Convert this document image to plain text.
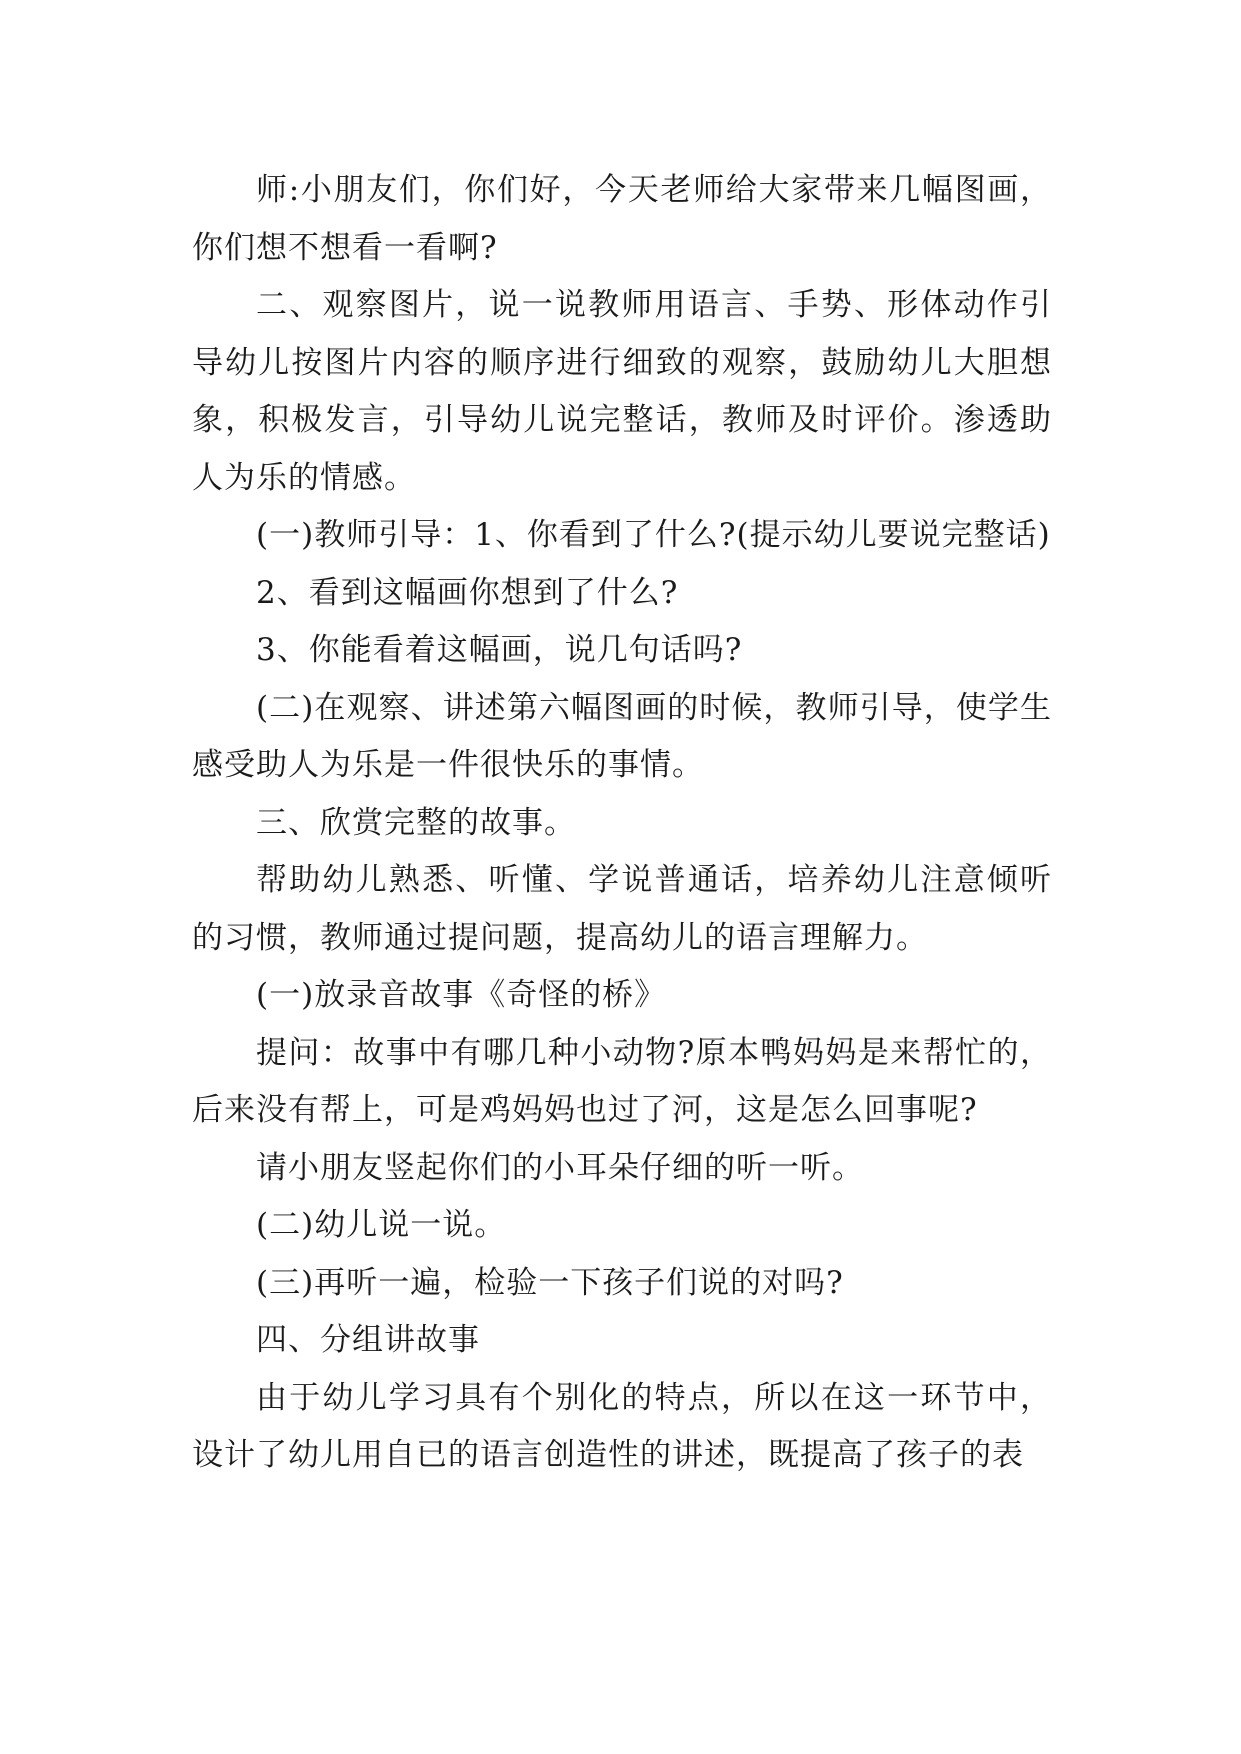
师:小朋友们，你们好，今天老师给大家带来几幅图画，你们想不想看一看啊?

二、观察图片，说一说教师用语言、手势、形体动作引导幼儿按图片内容的顺序进行细致的观察，鼓励幼儿大胆想象，积极发言，引导幼儿说完整话，教师及时评价。渗透助人为乐的情感。

(一)教师引导：1、你看到了什么?(提示幼儿要说完整话)

2、看到这幅画你想到了什么?

3、你能看着这幅画，说几句话吗?

(二)在观察、讲述第六幅图画的时候，教师引导，使学生感受助人为乐是一件很快乐的事情。

三、欣赏完整的故事。

帮助幼儿熟悉、听懂、学说普通话，培养幼儿注意倾听的习惯，教师通过提问题，提高幼儿的语言理解力。

(一)放录音故事《奇怪的桥》

提问：故事中有哪几种小动物?原本鸭妈妈是来帮忙的，后来没有帮上，可是鸡妈妈也过了河，这是怎么回事呢?

请小朋友竖起你们的小耳朵仔细的听一听。

(二)幼儿说一说。

(三)再听一遍，检验一下孩子们说的对吗?

四、分组讲故事

由于幼儿学习具有个别化的特点，所以在这一环节中，设计了幼儿用自已的语言创造性的讲述，既提高了孩子的表
